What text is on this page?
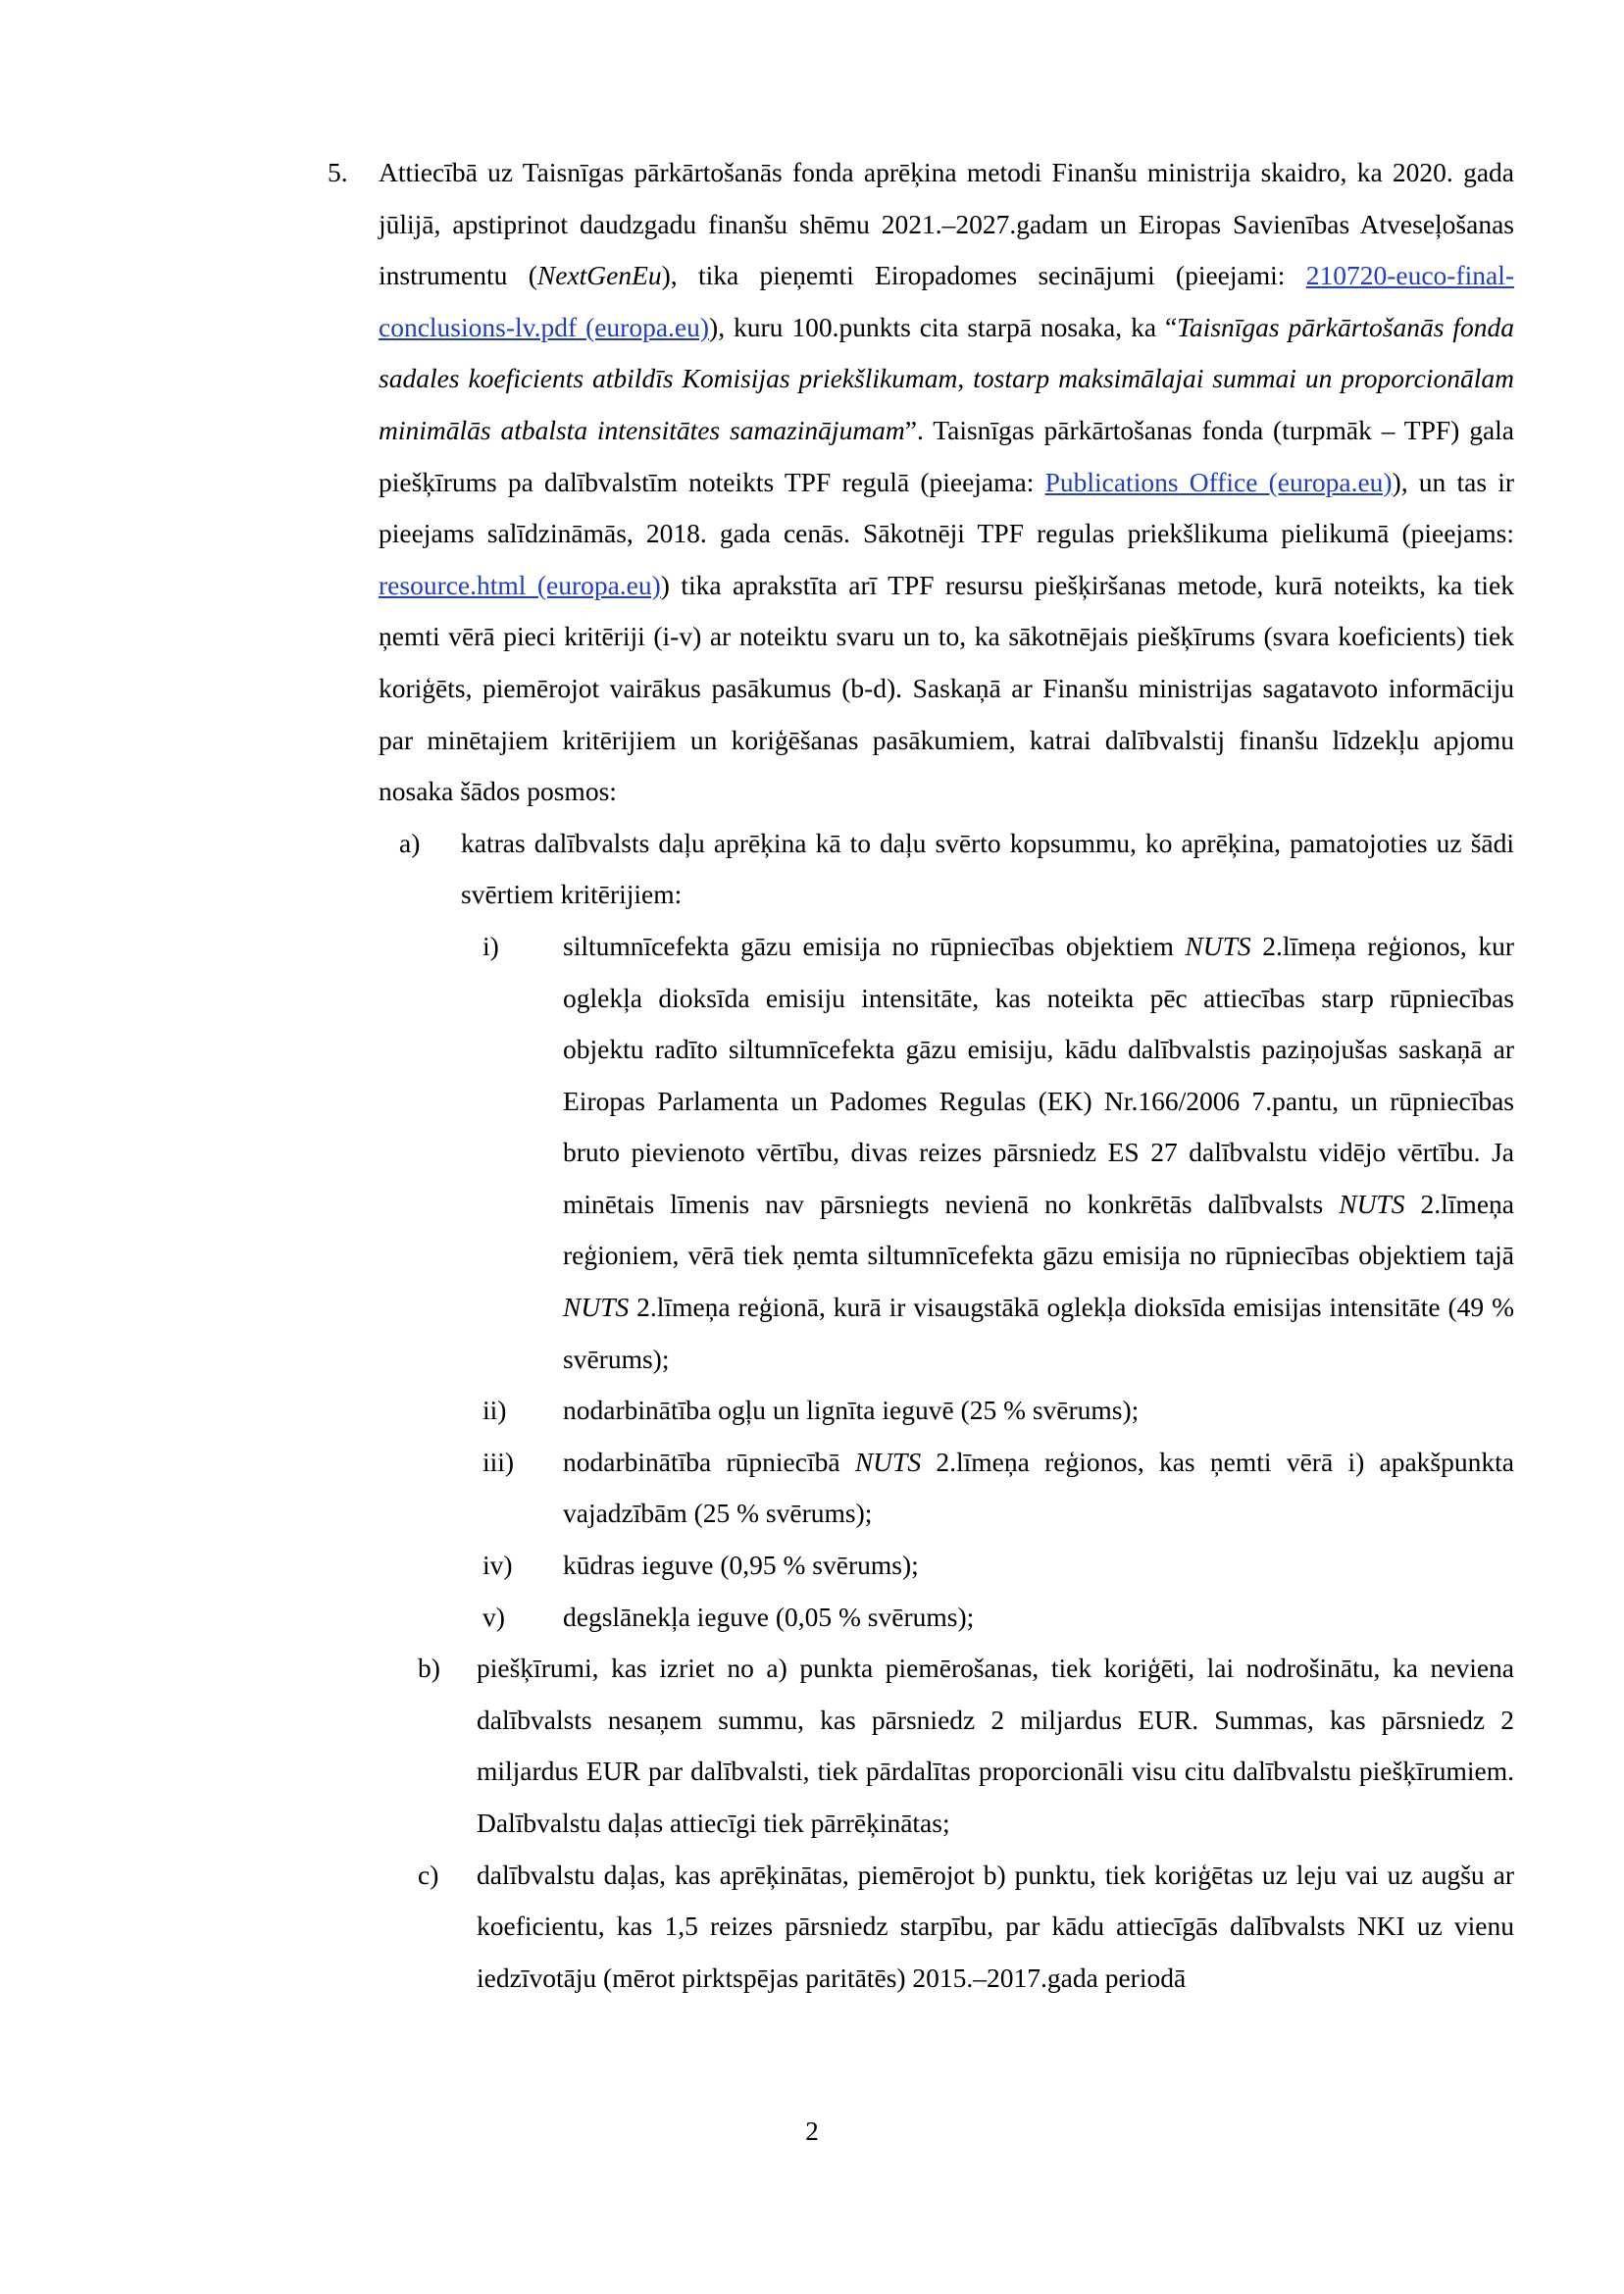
5. Attiecībā uz Taisnīgas pārkārtošanās fonda aprēķina metodi Finanšu ministrija skaidro, ka 2020. gada jūlijā, apstiprinot daudzgadu finanšu shēmu 2021.–2027.gadam un Eiropas Savienības Atveseļošanas instrumentu (NextGenEu), tika pieņemti Eiropadomes secinājumi (pieejami: 210720-euco-final-conclusions-lv.pdf (europa.eu)), kuru 100.punkts cita starpā nosaka, ka “Taisnīgas pārkārtošanās fonda sadales koeficients atbildīs Komisijas priekšlikumam, tostarp maksimālajai summai un proporcionālam minimālās atbalsta intensitātes samazinājumam”. Taisnīgas pārkārtošanas fonda (turpmāk – TPF) gala piešķīrums pa dalībvalstīm noteikts TPF regulā (pieejama: Publications Office (europa.eu)), un tas ir pieejams salīdzināmās, 2018. gada cenās. Sākotnēji TPF regulas priekšlikuma pielikumā (pieejams: resource.html (europa.eu)) tika aprakstīta arī TPF resursu piešķiršanas metode, kurā noteikts, ka tiek ņemti vērā pieci kritēriji (i-v) ar noteiktu svaru un to, ka sākotnējais piešķīrums (svara koeficients) tiek koriģēts, piemērojot vairākus pasākumus (b-d). Saskaņā ar Finanšu ministrijas sagatavoto informāciju par minētajiem kritērijiem un koriģēšanas pasākumiem, katrai dalībvalstij finanšu līdzekļu apjomu nosaka šādos posmos:

a) katras dalībvalsts daļu aprēķina kā to daļu svērto kopsummu, ko aprēķina, pamatojoties uz šādi svērtiem kritērijiem:

i) siltumnīcefekta gāzu emisija no rūpniecības objektiem NUTS 2.līmeņa reģionos, kur oglekļa dioksīda emisiju intensitāte, kas noteikta pēc attiecības starp rūpniecības objektu radīto siltumnīcefekta gāzu emisiju, kādu dalībvalstis paziņojušas saskaņā ar Eiropas Parlamenta un Padomes Regulas (EK) Nr.166/2006 7.pantu, un rūpniecības bruto pievienoto vērtību, divas reizes pārsniedz ES 27 dalībvalstu vidējo vērtību. Ja minētais līmenis nav pārsniegts nevienā no konkrētās dalībvalsts NUTS 2.līmeņa reģioniem, vērā tiek ņemta siltumnīcefekta gāzu emisija no rūpniecības objektiem tajā NUTS 2.līmeņa reģionā, kurā ir visaugstākā oglekļa dioksīda emisijas intensitāte (49 % svērums);

ii) nodarbinātība ogļu un lignīta ieguvē (25 % svērums);

iii) nodarbinātība rūpniecībā NUTS 2.līmeņa reģionos, kas ņemti vērā i) apakšpunkta vajadzībām (25 % svērums);

iv) kūdras ieguve (0,95 % svērums);

v) degslānekļa ieguve (0,05 % svērums);

b) piešķīrumi, kas izriet no a) punkta piemērošanas, tiek koriģēti, lai nodrošinātu, ka neviena dalībvalsts nesaņem summu, kas pārsniedz 2 miljardus EUR. Summas, kas pārsniedz 2 miljardus EUR par dalībvalsti, tiek pārdalītas proporcionāli visu citu dalībvalstu piešķīrumiem. Dalībvalstu daļas attiecīgi tiek pārrēķinātas;

c) dalībvalstu daļas, kas aprēķinātas, piemērojot b) punktu, tiek koriģētas uz leju vai uz augšu ar koeficientu, kas 1,5 reizes pārsniedz starpību, par kādu attiecīgās dalībvalsts NKI uz vienu iedzīvotāju (mērot pirktspējas paritātēs) 2015.–2017.gada periodā

2
